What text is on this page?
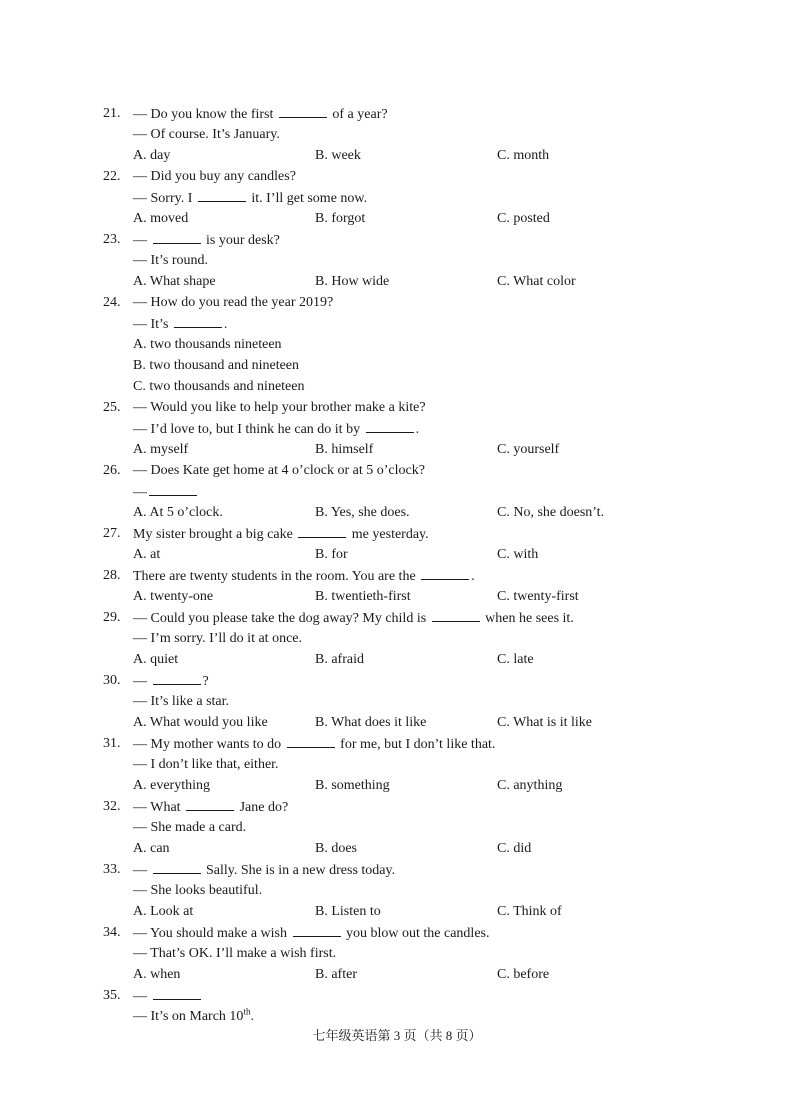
21. — Do you know the first	of a year?
— Of course. It’s January.
A. day	B. week	C. month
22. — Did you buy any candles?
— Sorry. I	it. I’ll get some now.
A. moved	B. forgot	C. posted
23. —	is your desk?
— It’s round.
A. What shape	B. How wide	C. What color
24. — How do you read the year 2019?
— It’s	.
A. two thousands nineteen
B. two thousand and nineteen
C. two thousands and nineteen
25. — Would you like to help your brother make a kite?
— I’d love to, but I think he can do it by	.
A. myself	B. himself	C. yourself
26. — Does Kate get home at 4 o’clock or at 5 o’clock?
—
A. At 5 o’clock.	B. Yes, she does.	C. No, she doesn’t.
27. My sister brought a big cake	me yesterday.
A. at	B. for	C. with
28. There are twenty students in the room. You are the	.
A. twenty-one	B. twentieth-first	C. twenty-first
29. — Could you please take the dog away? My child is	when he sees it.
— I’m sorry. I’ll do it at once.
A. quiet	B. afraid	C. late
30. —	?
— It’s like a star.
A. What would you like	B. What does it like	C. What is it like
31. — My mother wants to do	for me, but I don’t like that.
— I don’t like that, either.
A. everything	B. something	C. anything
32. — What	Jane do?
— She made a card.
A. can	B. does	C. did
33. —	Sally. She is in a new dress today.
— She looks beautiful.
A. Look at	B. Listen to	C. Think of
34. — You should make a wish	you blow out the candles.
— That’s OK. I’ll make a wish first.
A. when	B. after	C. before
35. —
— It’s on March 10th.
七年级英语第 3 页（共 8 页）
